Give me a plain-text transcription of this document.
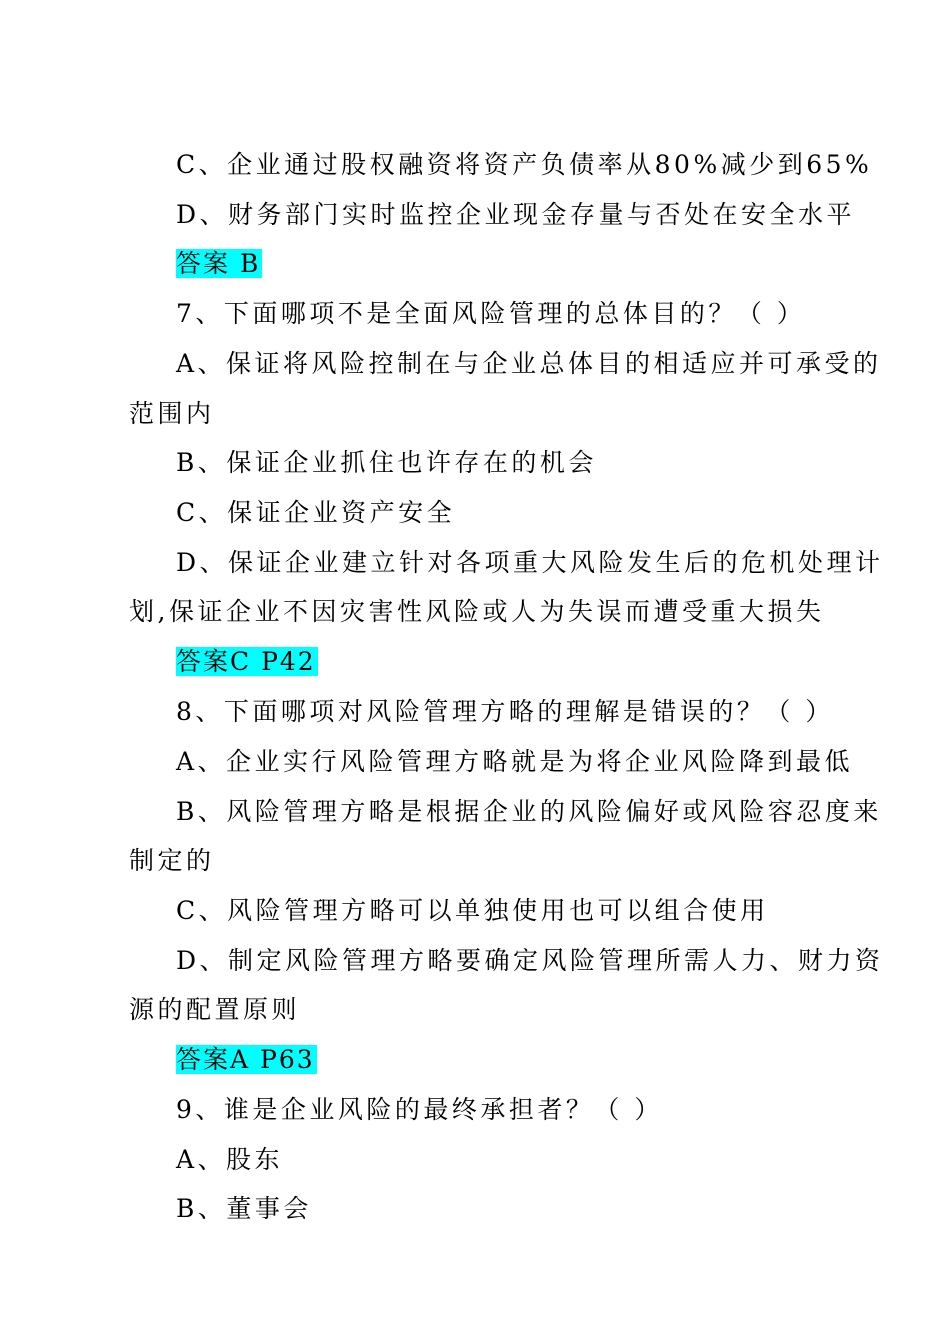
C、企业通过股权融资将资产负债率从80%减少到65%
D、财务部门实时监控企业现金存量与否处在安全水平
答案 B
7、下面哪项不是全面风险管理的总体目的？（ ）
A、保证将风险控制在与企业总体目的相适应并可承受的
范围内
B、保证企业抓住也许存在的机会
C、保证企业资产安全
D、保证企业建立针对各项重大风险发生后的危机处理计
划,保证企业不因灾害性风险或人为失误而遭受重大损失
答案C P42
8、下面哪项对风险管理方略的理解是错误的？（ ）
A、企业实行风险管理方略就是为将企业风险降到最低
B、风险管理方略是根据企业的风险偏好或风险容忍度来
制定的
C、风险管理方略可以单独使用也可以组合使用
D、制定风险管理方略要确定风险管理所需人力、财力资
源的配置原则
答案A P63
9、谁是企业风险的最终承担者？（ ）
A、股东
B、董事会
